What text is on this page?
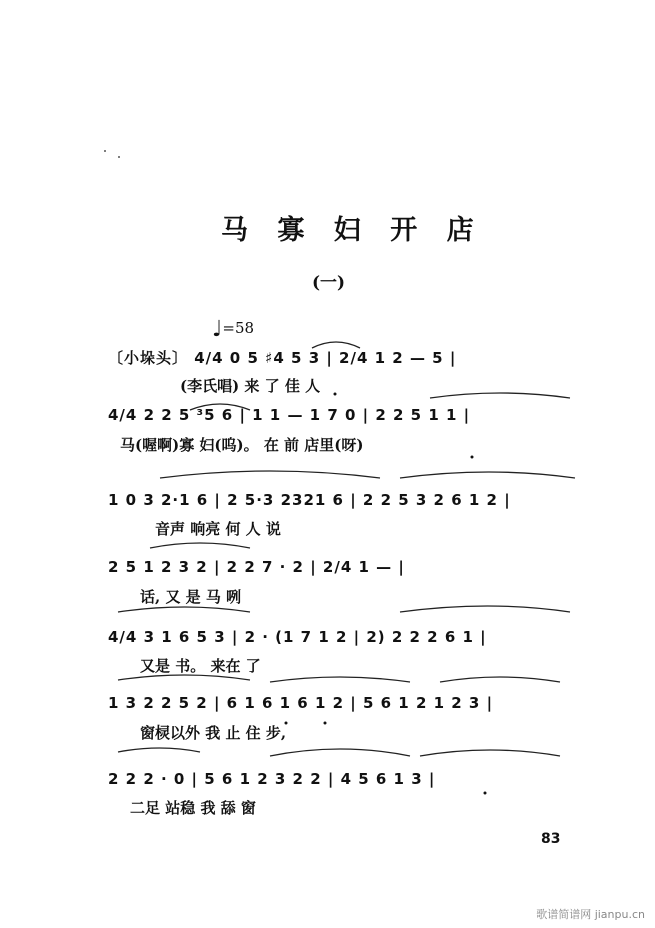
马 寡 妇 开 店
(一)
♩=58
〔小垛头〕 4/4 0 5 ♯4 5 3 | 2/4 1 2 — 5 |
(李氏唱) 来 了 佳 人
4/4 2 2 5 ³5 6 | 1 1 — 1 7 0 | 2 2 5 1 1 |
马(喔啊)寡 妇(呜)。 在 前 店里(呀)
1 0 3 2·1 6 | 2 5·3 2321 6 | 2 2 5 3 2 6 1 2 |
音声 响亮 何 人 说
2 5 1 2 3 2 | 2 2 7 · 2 | 2/4 1 — |
话, 又 是 马 咧
4/4 3 1 6 5 3 | 2 · (1 7 1 2 | 2) 2 2 2 6 1 |
又是 书。 来在 了
1 3 2 2 5 2 | 6 1 6 1 6 1 2 | 5 6 1 2 1 2 3 |
窗棂以外 我 止 住 步,
2 2 2 · 0 | 5 6 1 2 3 2 2 | 4 5 6 1 3 |
二足 站稳 我 舔 窗
83
歌谱简谱网 jianpu.cn
